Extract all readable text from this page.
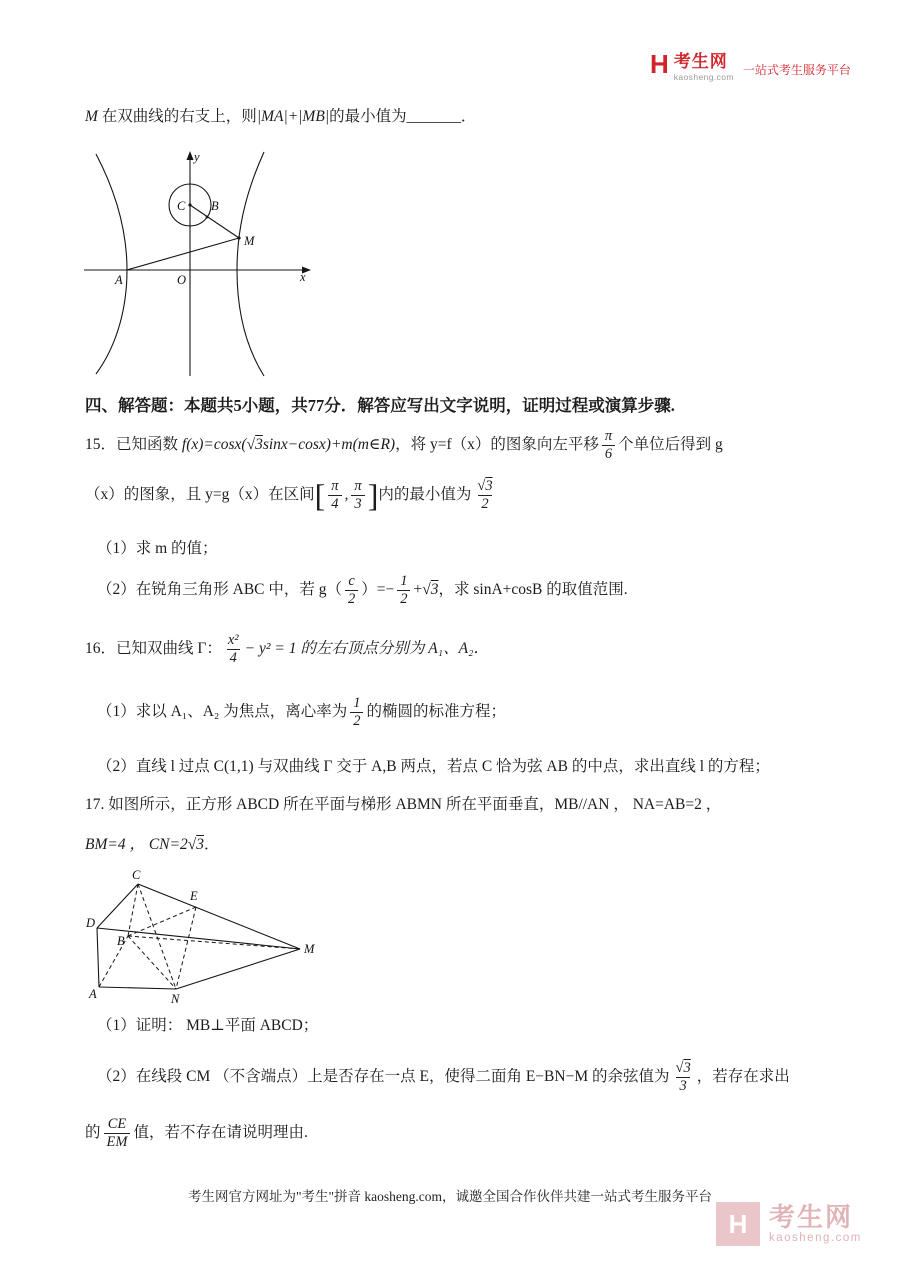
H 考生网
kaosheng.com 一站式考生服务平台

M 在双曲线的右支上，则|MA|+|MB|的最小值为_______．

y
x
O
A
B
C
M
四、解答题：本题共5小题，共77分．解答应写出文字说明，证明过程或演算步骤.

15．已知函数 f(x)=cosx( √ 3sinx−cosx)+m(m∈R)，将 y=f（x）的图象向左平移 $\frac{\pi}{6}$ 个单位后得到 g

（x）的图象，且 y=g（x）在区间[ $\frac{\pi}{4}$ , $\frac{\pi}{3}$ ]内的最小值为 √ $\frac{3}{2}$

（1）求 m 的值；

（2）在锐角三角形 ABC 中，若 $g( \frac{c}{2}$ ）=− $\frac{1}{2}$ + √ 3，求 sinA+cosB 的取值范围.

16．已知双曲线 Γ： $\frac{\text{x²}}{4} - y^2 = 1$ 的左右顶点分别为 A₁、A₂．

（1）求以 A₁、A₂ 为焦点，离心率为 $\frac{1}{2}$ 的椭圆的标准方程；

（2）直线 l 过点 C(1,1) 与双曲线 Γ 交于 A,B 两点，若点 C 恰为弦 AB 的中点，求出直线 l 的方程；

17. 如图所示，正方形 ABCD 所在平面与梯形 ABMN 所在平面垂直，MB//AN ， NA=AB=2 ，

BM=4 ， CN=2 √ 3．

C
E
D
B
M
A	N

（1）证明： MB⊥平面 ABCD；

（2）在线段 CM （不含端点）上是否存在一点 E，使得二面角 E−BN−M 的余弦值为 √ $\frac{3}{3}$ ，若存在求出

的 $\frac{CE}{EM}$ 值，若不存在请说明理由.

考生网官方网址为"考生"拼音 kaosheng.com，诚邀全国合作伙伴共建一站式考生服务平台
H 考生网
kaosheng.com
